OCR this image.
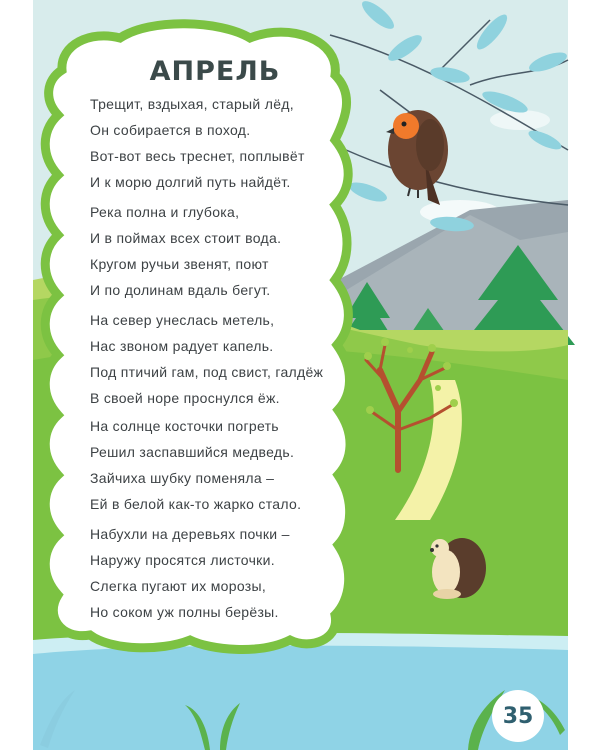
АПРЕЛЬ
Трещит, вздыхая, старый лёд,
Он собирается в поход.
Вот-вот весь треснет, поплывёт
И к морю долгий путь найдёт.
Река полна и глубока,
И в поймах всех стоит вода.
Кругом ручьи звенят, поют
И по долинам вдаль бегут.
На север унеслась метель,
Нас звоном радует капель.
Под птичий гам, под свист, галдёж
В своей норе проснулся ёж.
На солнце косточки погреть
Решил заспавшийся медведь.
Зайчиха шубку поменяла –
Ей в белой как-то жарко стало.
Набухли на деревьях почки –
Наружу просятся листочки.
Слегка пугают их морозы,
Но соком уж полны берёзы.
35
